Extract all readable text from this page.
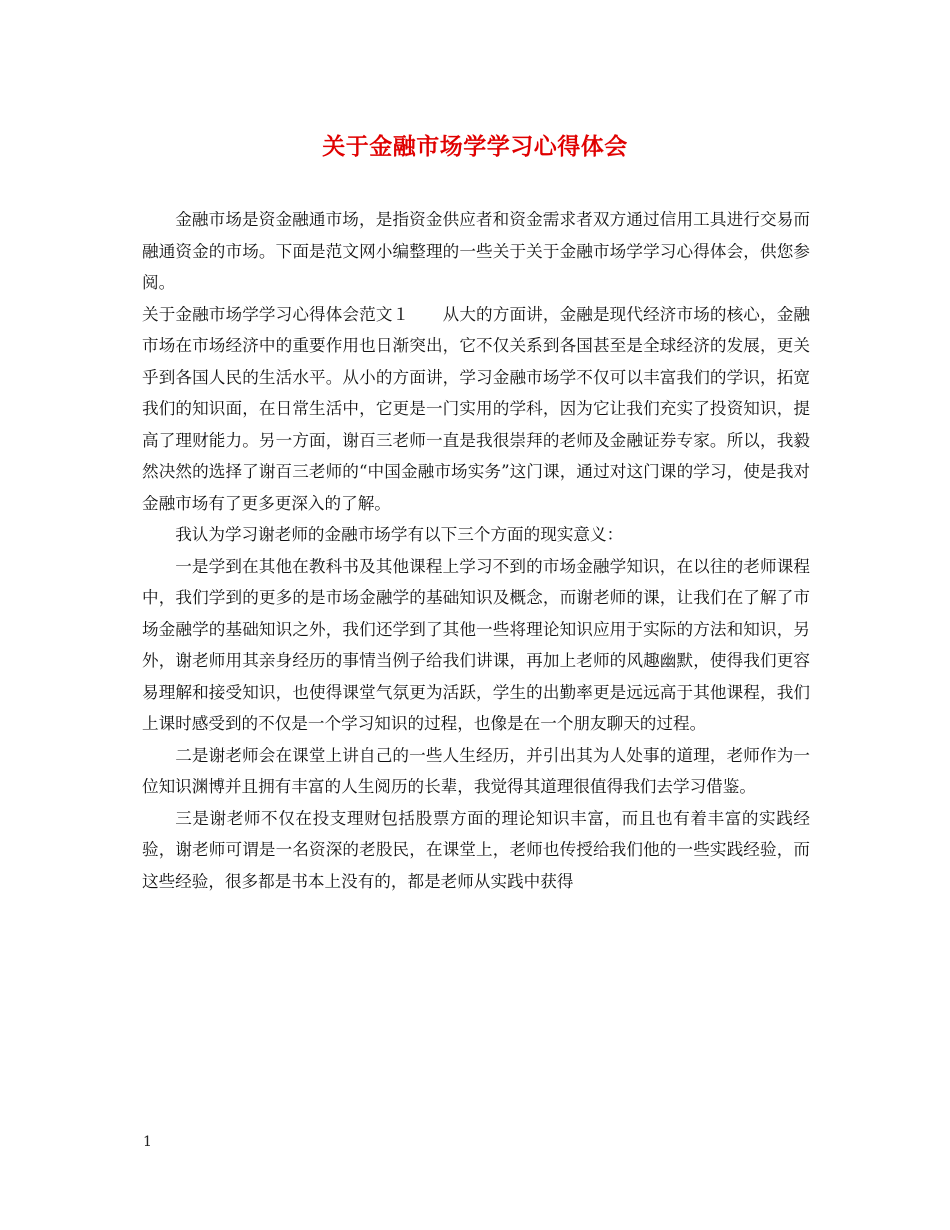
关于金融市场学学习心得体会

金融市场是资金融通市场，是指资金供应者和资金需求者双方通过信用工具进行交易而融通资金的市场。下面是范文网小编整理的一些关于关于金融市场学学习心得体会，供您参阅。

关于金融市场学学习心得体会范文１　　从大的方面讲，金融是现代经济市场的核心，金融市场在市场经济中的重要作用也日渐突出，它不仅关系到各国甚至是全球经济的发展，更关乎到各国人民的生活水平。从小的方面讲，学习金融市场学不仅可以丰富我们的学识，拓宽我们的知识面，在日常生活中，它更是一门实用的学科，因为它让我们充实了投资知识，提高了理财能力。另一方面，谢百三老师一直是我很崇拜的老师及金融证券专家。所以，我毅然决然的选择了谢百三老师的“中国金融市场实务”这门课，通过对这门课的学习，使是我对金融市场有了更多更深入的了解。

我认为学习谢老师的金融市场学有以下三个方面的现实意义：

一是学到在其他在教科书及其他课程上学习不到的市场金融学知识，在以往的老师课程中，我们学到的更多的是市场金融学的基础知识及概念，而谢老师的课，让我们在了解了市场金融学的基础知识之外，我们还学到了其他一些将理论知识应用于实际的方法和知识，另外，谢老师用其亲身经历的事情当例子给我们讲课，再加上老师的风趣幽默，使得我们更容易理解和接受知识，也使得课堂气氛更为活跃，学生的出勤率更是远远高于其他课程，我们上课时感受到的不仅是一个学习知识的过程，也像是在一个朋友聊天的过程。

二是谢老师会在课堂上讲自己的一些人生经历，并引出其为人处事的道理，老师作为一位知识渊博并且拥有丰富的人生阅历的长辈，我觉得其道理很值得我们去学习借鉴。

三是谢老师不仅在投支理财包括股票方面的理论知识丰富，而且也有着丰富的实践经验，谢老师可谓是一名资深的老股民，在课堂上，老师也传授给我们他的一些实践经验，而这些经验，很多都是书本上没有的，都是老师从实践中获得

1
